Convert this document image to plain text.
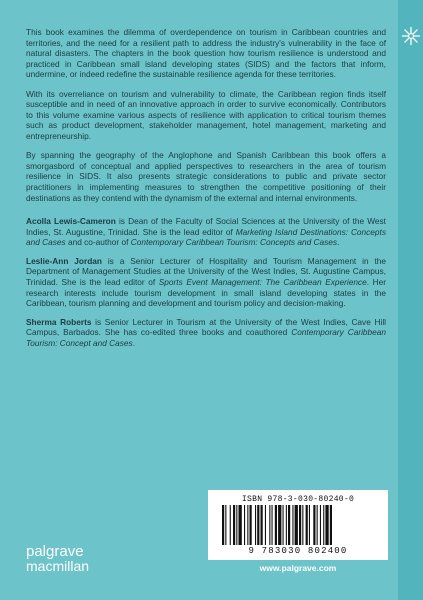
This book examines the dilemma of overdependence on tourism in Caribbean countries and territories, and the need for a resilient path to address the industry's vulnerability in the face of natural disasters. The chapters in the book question how tourism resilience is understood and practiced in Caribbean small island developing states (SIDS) and the factors that inform, undermine, or indeed redefine the sustainable resilience agenda for these territories.

With its overreliance on tourism and vulnerability to climate, the Caribbean region finds itself susceptible and in need of an innovative approach in order to survive economically. Contributors to this volume examine various aspects of resilience with application to critical tourism themes such as product development, stakeholder management, hotel management, marketing and entrepreneurship.

By spanning the geography of the Anglophone and Spanish Caribbean this book offers a smorgasbord of conceptual and applied perspectives to researchers in the area of tourism resilience in SIDS. It also presents strategic considerations to public and private sector practitioners in implementing measures to strengthen the competitive positioning of their destinations as they contend with the dynamism of the external and internal environments.

Acolla Lewis-Cameron is Dean of the Faculty of Social Sciences at the University of the West Indies, St. Augustine, Trinidad. She is the lead editor of Marketing Island Destinations: Concepts and Cases and co-author of Contemporary Caribbean Tourism: Concepts and Cases.

Leslie-Ann Jordan is a Senior Lecturer of Hospitality and Tourism Management in the Department of Management Studies at the University of the West Indies, St. Augustine Campus, Trinidad. She is the lead editor of Sports Event Management: The Caribbean Experience. Her research interests include tourism development in small island developing states in the Caribbean, tourism planning and development and tourism policy and decision-making.

Sherma Roberts is Senior Lecturer in Tourism at the University of the West Indies, Cave Hill Campus, Barbados. She has co-edited three books and coauthored Contemporary Caribbean Tourism: Concept and Cases.

ISBN 978-3-030-80240-0
9 783030 802400
www.palgrave.com
palgrave
macmillan
